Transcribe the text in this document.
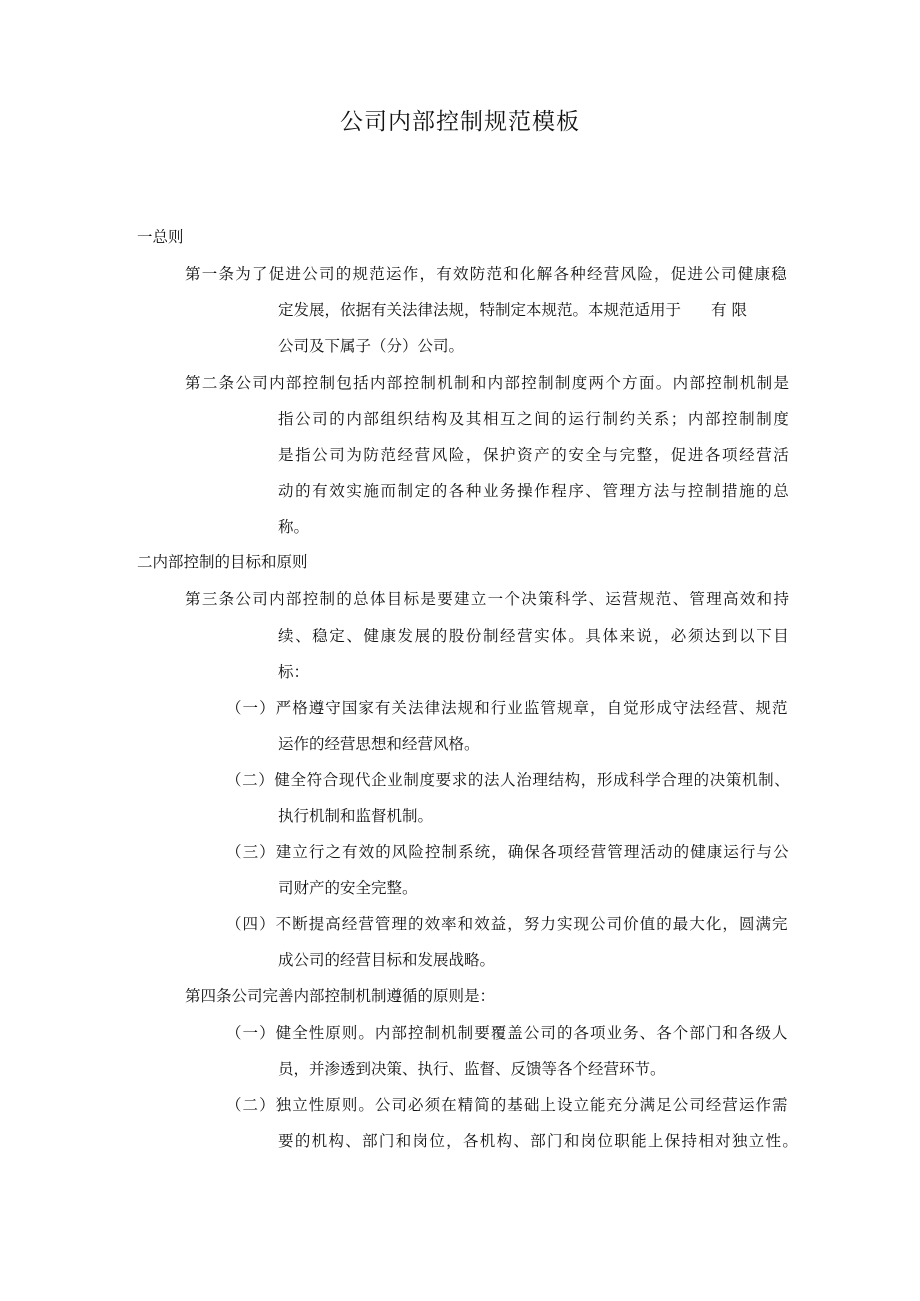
公司内部控制规范模板
一总则
第 一 条 为 了 促 进 公 司 的 规 范 运 作 ， 有 效 防 范 和 化 解 各 种 经 营 风 险 ， 促 进 公 司 健 康 稳
定发展，依据有关法律法规，特制定本规范。本规范适用于 有 限
公司及下属子（分）公司。
第 二 条 公 司 内 部 控 制 包 括 内 部 控 制 机 制 和 内 部 控 制 制 度 两 个 方 面 。 内 部 控 制 机 制 是
指 公 司 的 内 部 组 织 结 构 及 其 相 互 之 间 的 运 行 制 约 关 系 ； 内 部 控 制 制 度
是 指 公 司 为 防 范 经 营 风 险 ， 保 护 资 产 的 安 全 与 完 整 ， 促 进 各 项 经 营 活
动 的 有 效 实 施 而 制 定 的 各 种 业 务 操 作 程 序 、 管 理 方 法 与 控 制 措 施 的 总
称。
二内部控制的目标和原则
第 三 条 公 司 内 部 控 制 的 总 体 目 标 是 要 建 立 一 个 决 策 科 学 、 运 营 规 范 、 管 理 高 效 和 持
续 、 稳 定 、 健 康 发 展 的 股 份 制 经 营 实 体 。 具 体 来 说 ， 必 须 达 到 以 下 目
标：
（ 一 ） 严 格 遵 守 国 家 有 关 法 律 法 规 和 行 业 监 管 规 章 ， 自 觉 形 成 守 法 经 营 、 规 范
运作的经营思想和经营风格。
（ 二 ） 健 全 符 合 现 代 企 业 制 度 要 求 的 法 人 治 理 结 构 ， 形 成 科 学 合 理 的 决 策 机 制 、
执行机制和监督机制。
（ 三 ） 建 立 行 之 有 效 的 风 险 控 制 系 统 ， 确 保 各 项 经 营 管 理 活 动 的 健 康 运 行 与 公
司财产的安全完整。
（ 四 ） 不 断 提 高 经 营 管 理 的 效 率 和 效 益 ， 努 力 实 现 公 司 价 值 的 最 大 化 ， 圆 满 完
成公司的经营目标和发展战略。
第四条公司完善内部控制机制遵循的原则是：
（ 一 ） 健 全 性 原 则 。 内 部 控 制 机 制 要 覆 盖 公 司 的 各 项 业 务 、 各 个 部 门 和 各 级 人
员，并渗透到决策、执行、监督、反馈等各个经营环节。
（ 二 ） 独 立 性 原 则 。 公 司 必 须 在 精 简 的 基 础 上 设 立 能 充 分 满 足 公 司 经 营 运 作 需
要 的 机 构 、 部 门 和 岗 位 ， 各 机 构 、 部 门 和 岗 位 职 能 上 保 持 相 对 独 立 性 。
